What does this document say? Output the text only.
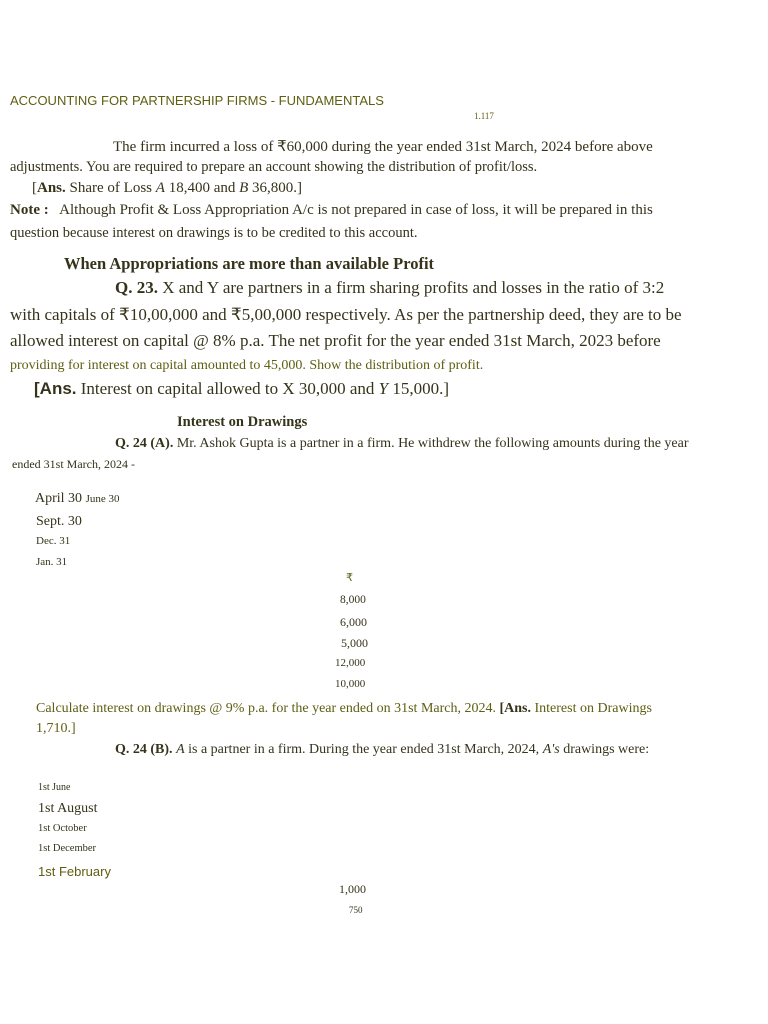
ACCOUNTING FOR PARTNERSHIP FIRMS - FUNDAMENTALS
1.117
The firm incurred a loss of ₹60,000 during the year ended 31st March, 2024 before above
adjustments. You are required to prepare an account showing the distribution of profit/loss.
[Ans. Share of Loss A 18,400 and B 36,800.]
Note : Although Profit & Loss Appropriation A/c is not prepared in case of loss, it will be prepared in this
question because interest on drawings is to be credited to this account.
When Appropriations are more than available Profit
Q. 23. X and Y are partners in a firm sharing profits and losses in the ratio of 3:2
with capitals of ₹10,00,000 and ₹5,00,000 respectively. As per the partnership deed, they are to be
allowed interest on capital @ 8% p.a. The net profit for the year ended 31st March, 2023 before
providing for interest on capital amounted to 45,000. Show the distribution of profit.
[Ans. Interest on capital allowed to X 30,000 and Y 15,000.]
Interest on Drawings
Q. 24 (A). Mr. Ashok Gupta is a partner in a firm. He withdrew the following amounts during the year
ended 31st March, 2024 -
April 30 June 30
Sept. 30
Dec. 31
Jan. 31
₹
8,000
6,000
5,000
12,000
10,000
Calculate interest on drawings @ 9% p.a. for the year ended on 31st March, 2024. [Ans. Interest on Drawings
1,710.]
Q. 24 (B). A is a partner in a firm. During the year ended 31st March, 2024, A's drawings were:
1st June
1st August
1st October
1st December
1st February
1,000
750
